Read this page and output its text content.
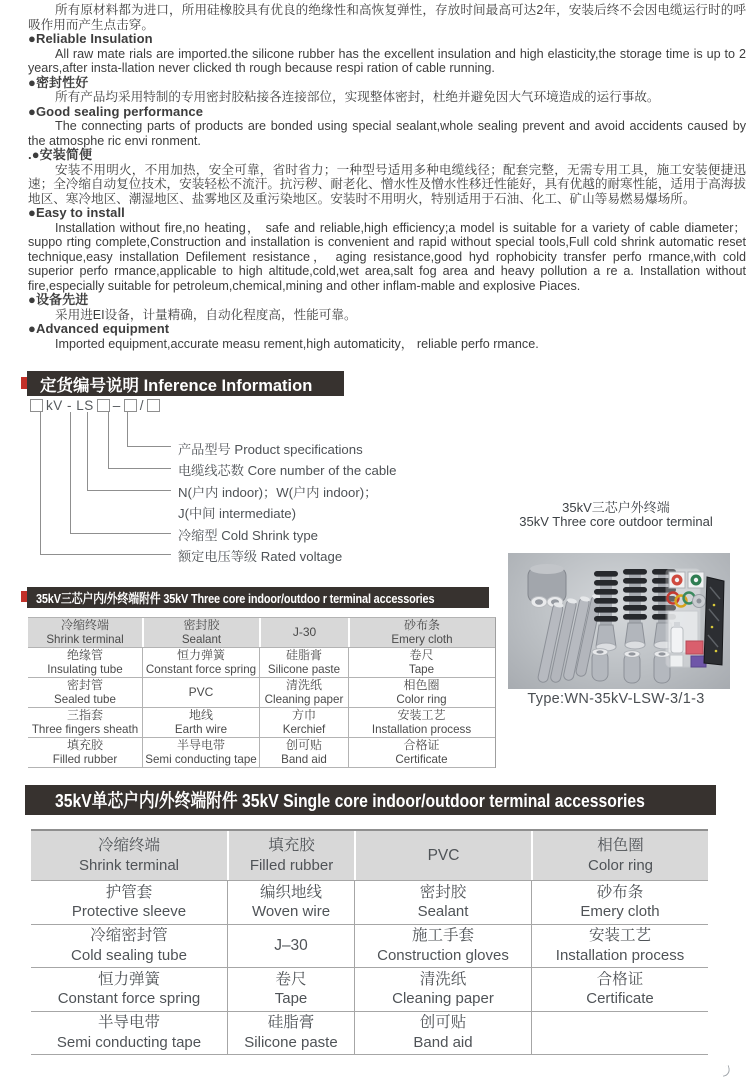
所有原材料都为进口，所用硅橡胶具有优良的绝缘性和高恢复弹性，存放时间最高可达2年，安装后终不会因电缆运行时的呼吸作用而产生点击穿。
●Reliable Insulation
All raw mate rials are imported.the silicone rubber has the excellent insulation and high elasticity,the storage time is up to 2 years,after insta-llation never clicked th rough because respi ration of cable running.
●密封性好
所有产品均采用特制的专用密封胶粘接各连接部位，实现整体密封，杜绝并避免因大气环境造成的运行事故。
●Good sealing performance
The connecting parts of products are bonded using special sealant,whole sealing prevent and avoid accidents caused by the atmosphe ric envi ronment.
.●安装简便
安装不用明火，不用加热，安全可靠，省时省力；一种型号适用多种电缆线径；配套完整，无需专用工具，施工安装便捷迅速；全冷缩自动复位技术，安装轻松不流汗。抗污秽、耐老化、憎水性及憎水性移迁性能好，具有优越的耐寒性能，适用于高海拔地区、寒冷地区、潮湿地区、盐雾地区及重污染地区。安装时不用明火，特别适用于石油、化工、矿山等易燃易爆场所。
●Easy to install
Installation without fire,no heating， safe and reliable,high efficiency;a model is suitable for a variety of cable diameter； suppo rting complete,Construction and installation is convenient and rapid without special tools,Full cold shrink automatic reset technique,easy installation Defilement resistance， aging resistance,good hyd rophobicity transfer perfo rmance,with cold superior perfo rmance,applicable to high altitude,cold,wet area,salt fog area and heavy pollution a re a. Installation without fire,especially suitable for petroleum,chemical,mining and other inflam-mable and explosive Piaces.
●设备先进
采用进EI设备，计量精确，自动化程度高，性能可靠。
●Advanced equipment
Imported equipment,accurate measu rement,high automaticity， reliable perfo rmance.
定货编号说明 Inference Information
kV - LS – /
产品型号 Product specifications
电缆线芯数 Core number of the cable
N(户内 indoor)；W(户内 indoor)；
J(中间 intermediate)
冷缩型 Cold Shrink type
额定电压等级 Rated voltage
35kV三芯户外终端
35kV Three core outdoor terminal
Type:WN-35kV-LSW-3/1-3
35kV三芯户内/外终端附件 35kV Three core indoor/outdoo r terminal accessories
冷缩终端
Shrink terminal
密封胶
Sealant
J-30	砂布条
Emery cloth
绝缘管
Insulating tube
恒力弹簧
Constant force spring
硅脂膏
Silicone paste
卷尺
Tape
密封管
Sealed tube
PVC	清洗纸
Cleaning paper
相色圈
Color ring
三指套
Three fingers sheath
地线
Earth wire
方巾
Kerchief
安装工艺
Installation process
填充胶
Filled rubber
半导电带
Semi conducting tape
创可贴
Band aid
合格证
Certificate
35kV单芯户内/外终端附件 35kV Single core indoor/outdoor terminal accessories
冷缩终端
Shrink terminal
填充胶
Filled rubber
PVC
相色圈
Color ring
护管套
Protective sleeve
编织地线
Woven wire
密封胶
Sealant
砂布条
Emery cloth
冷缩密封管
Cold sealing tube
J–30
施工手套
Construction gloves
安装工艺
Installation process
恒力弹簧
Constant force spring
卷尺
Tape
清洗纸
Cleaning paper
合格证
Certificate
半导电带
Semi conducting tape
硅脂膏
Silicone paste
创可贴
Band aid
